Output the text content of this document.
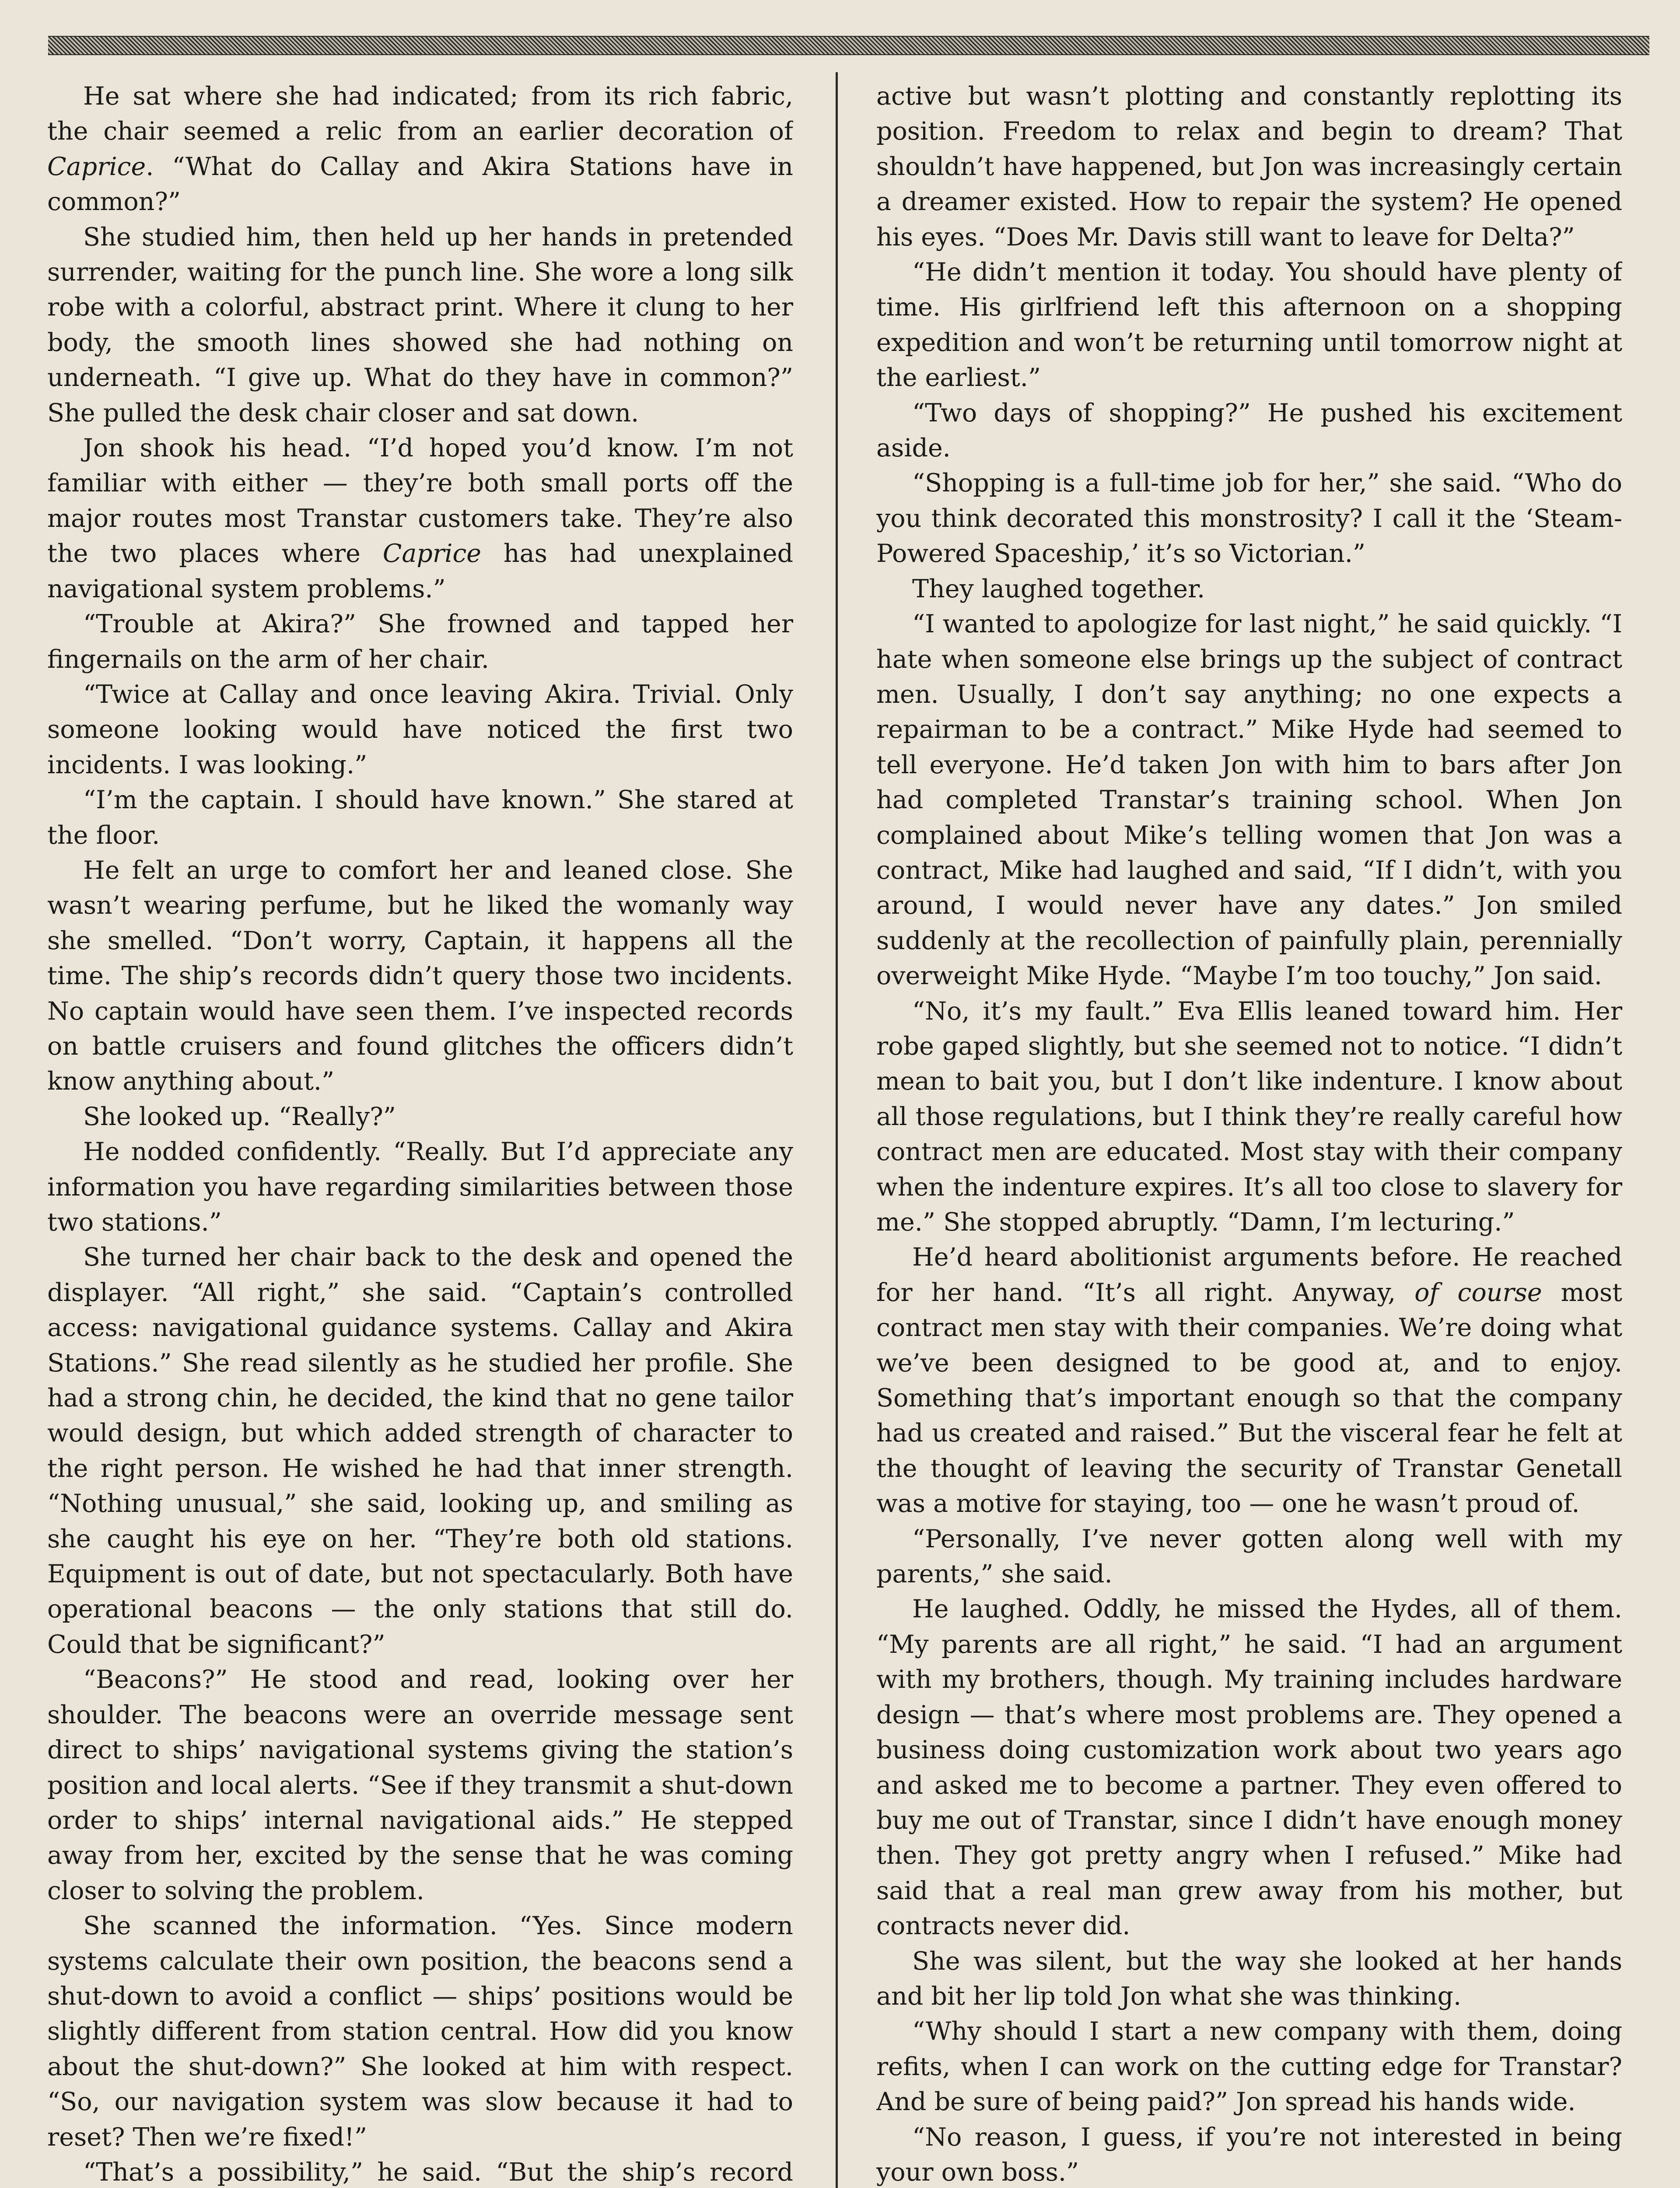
He sat where she had indicated; from its rich fabric, the chair seemed a relic from an earlier decoration of Caprice. “What do Callay and Akira Stations have in common?”

She studied him, then held up her hands in pretended surrender, waiting for the punch line. She wore a long silk robe with a colorful, abstract print. Where it clung to her body, the smooth lines showed she had nothing on underneath. “I give up. What do they have in common?” She pulled the desk chair closer and sat down.

Jon shook his head. “I’d hoped you’d know. I’m not familiar with either — they’re both small ports off the major routes most Transtar customers take. They’re also the two places where Caprice has had unexplained navigational system problems.”

“Trouble at Akira?” She frowned and tapped her fingernails on the arm of her chair.

“Twice at Callay and once leaving Akira. Trivial. Only someone looking would have noticed the first two incidents. I was looking.”

“I’m the captain. I should have known.” She stared at the floor.

He felt an urge to comfort her and leaned close. She wasn’t wearing perfume, but he liked the womanly way she smelled. “Don’t worry, Captain, it happens all the time. The ship’s records didn’t query those two incidents. No captain would have seen them. I’ve inspected records on battle cruisers and found glitches the officers didn’t know anything about.”

She looked up. “Really?”

He nodded confidently. “Really. But I’d appreciate any information you have regarding similarities between those two stations.”

She turned her chair back to the desk and opened the displayer. “All right,” she said. “Captain’s controlled access: navigational guidance systems. Callay and Akira Stations.” She read silently as he studied her profile. She had a strong chin, he decided, the kind that no gene tailor would design, but which added strength of character to the right person. He wished he had that inner strength. “Nothing unusual,” she said, looking up, and smiling as she caught his eye on her. “They’re both old stations. Equipment is out of date, but not spectacularly. Both have operational beacons — the only stations that still do. Could that be significant?”

“Beacons?” He stood and read, looking over her shoulder. The beacons were an override message sent direct to ships’ navigational systems giving the station’s position and local alerts. “See if they transmit a shut-down order to ships’ internal navigational aids.” He stepped away from her, excited by the sense that he was coming closer to solving the problem.

She scanned the information. “Yes. Since modern systems calculate their own position, the beacons send a shut-down to avoid a conflict — ships’ positions would be slightly different from station central. How did you know about the shut-down?” She looked at him with respect. “So, our navigation system was slow because it had to reset? Then we’re fixed!”

“That’s a possibility,” he said. “But the ship’s record

active but wasn’t plotting and constantly replotting its position. Freedom to relax and begin to dream? That shouldn’t have happened, but Jon was increasingly certain a dreamer existed. How to repair the system? He opened his eyes. “Does Mr. Davis still want to leave for Delta?”

“He didn’t mention it today. You should have plenty of time. His girlfriend left this afternoon on a shopping expedition and won’t be returning until tomorrow night at the earliest.”

“Two days of shopping?” He pushed his excitement aside.

“Shopping is a full-time job for her,” she said. “Who do you think decorated this monstrosity? I call it the ‘Steam-Powered Spaceship,’ it’s so Victorian.”

They laughed together.

“I wanted to apologize for last night,” he said quickly. “I hate when someone else brings up the subject of contract men. Usually, I don’t say anything; no one expects a repairman to be a contract.” Mike Hyde had seemed to tell everyone. He’d taken Jon with him to bars after Jon had completed Transtar’s training school. When Jon complained about Mike’s telling women that Jon was a contract, Mike had laughed and said, “If I didn’t, with you around, I would never have any dates.” Jon smiled suddenly at the recollection of painfully plain, perennially overweight Mike Hyde. “Maybe I’m too touchy,” Jon said.

“No, it’s my fault.” Eva Ellis leaned toward him. Her robe gaped slightly, but she seemed not to notice. “I didn’t mean to bait you, but I don’t like indenture. I know about all those regulations, but I think they’re really careful how contract men are educated. Most stay with their company when the indenture expires. It’s all too close to slavery for me.” She stopped abruptly. “Damn, I’m lecturing.”

He’d heard abolitionist arguments before. He reached for her hand. “It’s all right. Anyway, of course most contract men stay with their companies. We’re doing what we’ve been designed to be good at, and to enjoy. Something that’s important enough so that the company had us created and raised.” But the visceral fear he felt at the thought of leaving the security of Transtar Genetall was a motive for staying, too — one he wasn’t proud of.

“Personally, I’ve never gotten along well with my parents,” she said.

He laughed. Oddly, he missed the Hydes, all of them. “My parents are all right,” he said. “I had an argument with my brothers, though. My training includes hardware design — that’s where most problems are. They opened a business doing customization work about two years ago and asked me to become a partner. They even offered to buy me out of Transtar, since I didn’t have enough money then. They got pretty angry when I refused.” Mike had said that a real man grew away from his mother, but contracts never did.

She was silent, but the way she looked at her hands and bit her lip told Jon what she was thinking.

“Why should I start a new company with them, doing refits, when I can work on the cutting edge for Transtar? And be sure of being paid?” Jon spread his hands wide.

“No reason, I guess, if you’re not interested in being your own boss.”
